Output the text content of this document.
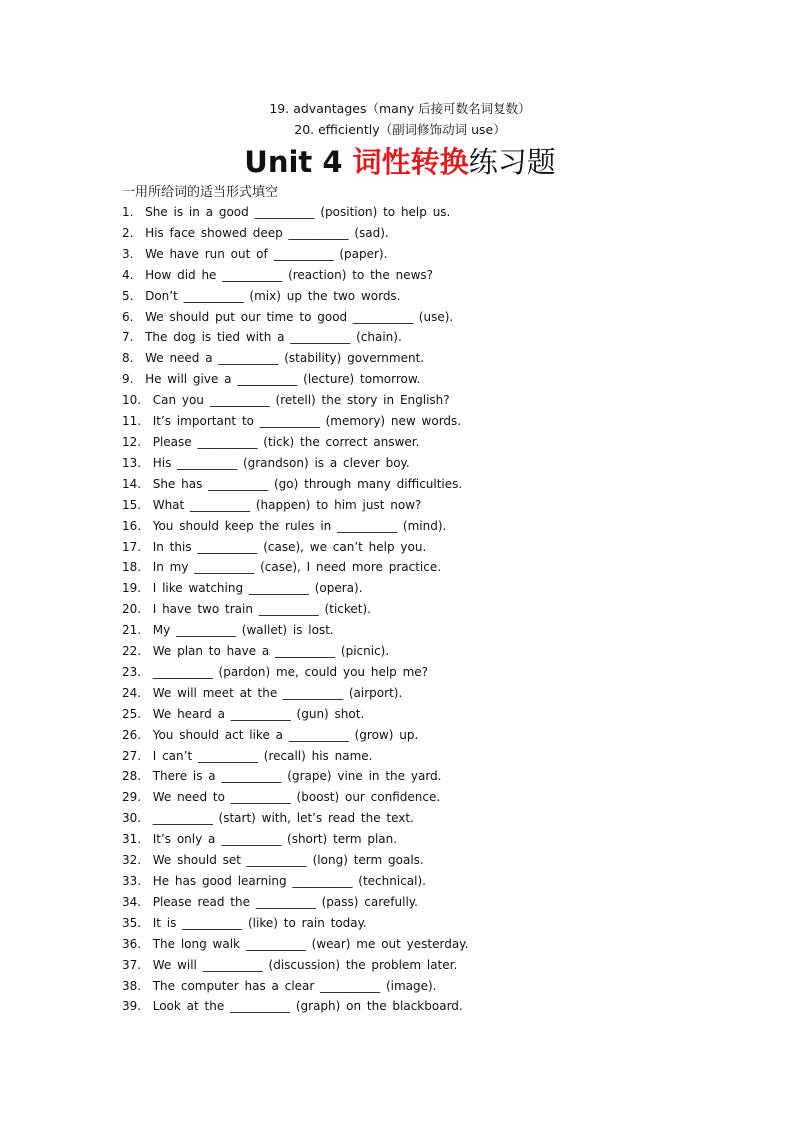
19. advantages（many 后接可数名词复数）
20. efficiently（副词修饰动词 use）
Unit 4 词性转换练习题
一用所给词的适当形式填空
1.  She is in a good __________ (position) to help us.
2.  His face showed deep __________ (sad).
3.  We have run out of __________ (paper).
4.  How did he __________ (reaction) to the news?
5.  Don’t __________ (mix) up the two words.
6.  We should put our time to good __________ (use).
7.  The dog is tied with a __________ (chain).
8.  We need a __________ (stability) government.
9.  He will give a __________ (lecture) tomorrow.
10.  Can you __________ (retell) the story in English?
11.  It’s important to __________ (memory) new words.
12.  Please __________ (tick) the correct answer.
13.  His __________ (grandson) is a clever boy.
14.  She has __________ (go) through many difficulties.
15.  What __________ (happen) to him just now?
16.  You should keep the rules in __________ (mind).
17.  In this __________ (case), we can’t help you.
18.  In my __________ (case), I need more practice.
19.  I like watching __________ (opera).
20.  I have two train __________ (ticket).
21.  My __________ (wallet) is lost.
22.  We plan to have a __________ (picnic).
23.  __________ (pardon) me, could you help me?
24.  We will meet at the __________ (airport).
25.  We heard a __________ (gun) shot.
26.  You should act like a __________ (grow) up.
27.  I can’t __________ (recall) his name.
28.  There is a __________ (grape) vine in the yard.
29.  We need to __________ (boost) our confidence.
30.  __________ (start) with, let’s read the text.
31.  It’s only a __________ (short) term plan.
32.  We should set __________ (long) term goals.
33.  He has good learning __________ (technical).
34.  Please read the __________ (pass) carefully.
35.  It is __________ (like) to rain today.
36.  The long walk __________ (wear) me out yesterday.
37.  We will __________ (discussion) the problem later.
38.  The computer has a clear __________ (image).
39.  Look at the __________ (graph) on the blackboard.
